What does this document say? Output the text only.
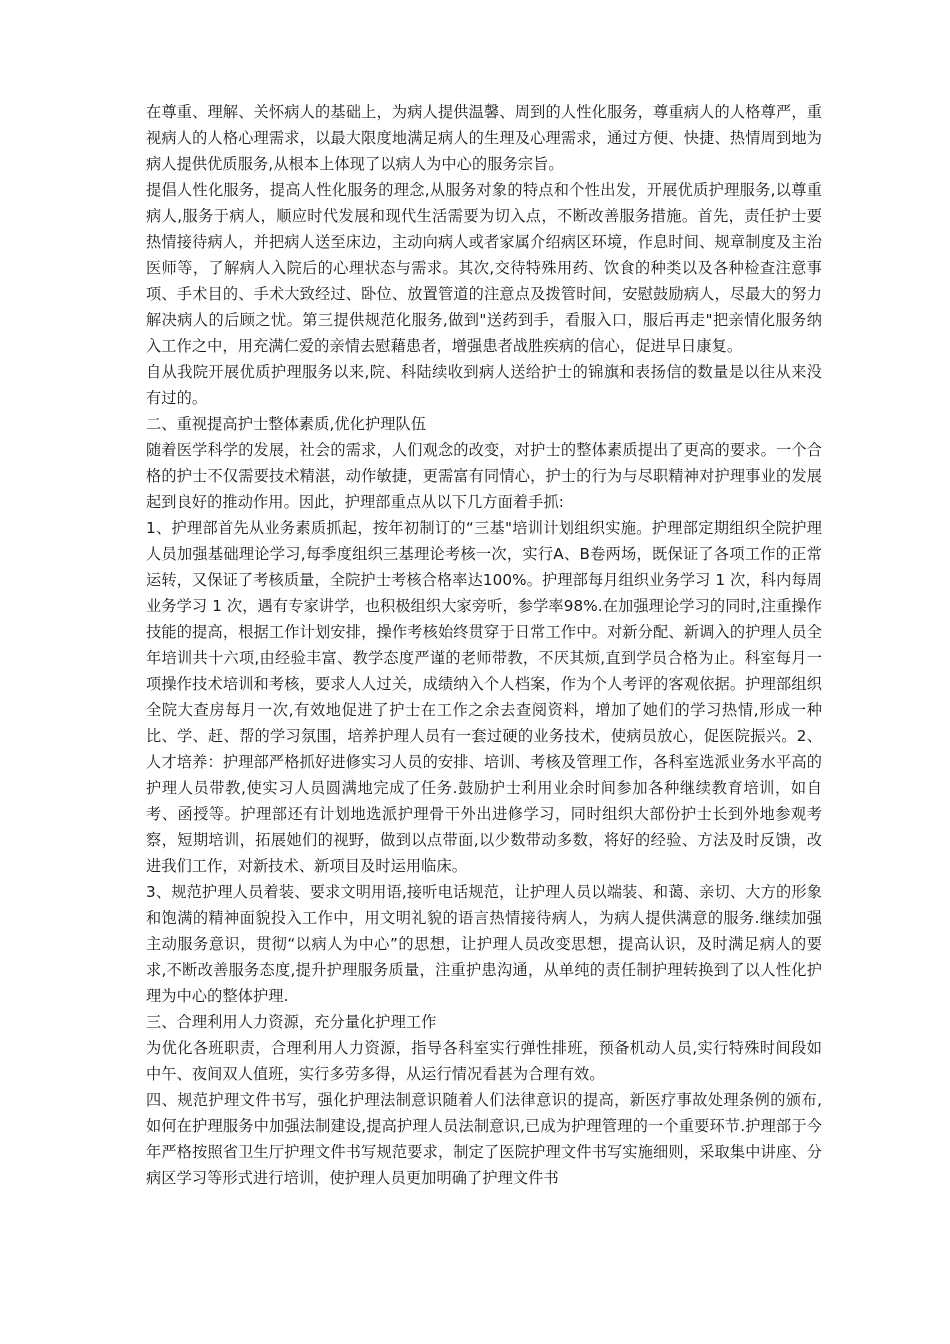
在尊重、理解、关怀病人的基础上，为病人提供温馨、周到的人性化服务，尊重病人的人格尊严，重视病人的人格心理需求，以最大限度地满足病人的生理及心理需求，通过方便、快捷、热情周到地为病人提供优质服务,从根本上体现了以病人为中心的服务宗旨。

提倡人性化服务，提高人性化服务的理念,从服务对象的特点和个性出发，开展优质护理服务,以尊重病人,服务于病人，顺应时代发展和现代生活需要为切入点，不断改善服务措施。首先，责任护士要热情接待病人，并把病人送至床边，主动向病人或者家属介绍病区环境，作息时间、规章制度及主治医师等，了解病人入院后的心理状态与需求。其次,交待特殊用药、饮食的种类以及各种检查注意事项、手术目的、手术大致经过、卧位、放置管道的注意点及拨管时间，安慰鼓励病人，尽最大的努力解决病人的后顾之忧。第三提供规范化服务,做到"送药到手，看服入口，服后再走"把亲情化服务纳入工作之中，用充满仁爱的亲情去慰藉患者，增强患者战胜疾病的信心，促进早日康复。

自从我院开展优质护理服务以来,院、科陆续收到病人送给护士的锦旗和表扬信的数量是以往从来没有过的。

二、重视提高护士整体素质,优化护理队伍

随着医学科学的发展，社会的需求，人们观念的改变，对护士的整体素质提出了更高的要求。一个合格的护士不仅需要技术精湛，动作敏捷，更需富有同情心，护士的行为与尽职精神对护理事业的发展起到良好的推动作用。因此，护理部重点从以下几方面着手抓:

1、护理部首先从业务素质抓起，按年初制订的“三基"培训计划组织实施。护理部定期组织全院护理人员加强基础理论学习,每季度组织三基理论考核一次，实行A、B卷两场，既保证了各项工作的正常运转，又保证了考核质量，全院护士考核合格率达100%。护理部每月组织业务学习 1 次，科内每周业务学习 1 次，遇有专家讲学，也积极组织大家旁听，参学率98%.在加强理论学习的同时,注重操作技能的提高，根据工作计划安排，操作考核始终贯穿于日常工作中。对新分配、新调入的护理人员全年培训共十六项,由经验丰富、教学态度严谨的老师带教，不厌其烦,直到学员合格为止。科室每月一项操作技术培训和考核，要求人人过关，成绩纳入个人档案，作为个人考评的客观依据。护理部组织全院大查房每月一次,有效地促进了护士在工作之余去查阅资料，增加了她们的学习热情,形成一种比、学、赶、帮的学习氛围，培养护理人员有一套过硬的业务技术，使病员放心，促医院振兴。2、人才培养：护理部严格抓好进修实习人员的安排、培训、考核及管理工作，各科室选派业务水平高的护理人员带教,使实习人员圆满地完成了任务.鼓励护士利用业余时间参加各种继续教育培训，如自考、函授等。护理部还有计划地选派护理骨干外出进修学习，同时组织大部份护士长到外地参观考察，短期培训，拓展她们的视野，做到以点带面,以少数带动多数，将好的经验、方法及时反馈，改进我们工作，对新技术、新项目及时运用临床。

3、规范护理人员着装、要求文明用语,接听电话规范，让护理人员以端装、和蔼、亲切、大方的形象和饱满的精神面貌投入工作中，用文明礼貌的语言热情接待病人，为病人提供满意的服务.继续加强主动服务意识，贯彻“以病人为中心”的思想，让护理人员改变思想，提高认识，及时满足病人的要求,不断改善服务态度,提升护理服务质量，注重护患沟通，从单纯的责任制护理转换到了以人性化护理为中心的整体护理.

三、合理利用人力资源，充分量化护理工作

为优化各班职责，合理利用人力资源，指导各科室实行弹性排班，预备机动人员,实行特殊时间段如中午、夜间双人值班，实行多劳多得，从运行情况看甚为合理有效。

四、规范护理文件书写，强化护理法制意识随着人们法律意识的提高，新医疗事故处理条例的颁布,如何在护理服务中加强法制建设,提高护理人员法制意识,已成为护理管理的一个重要环节.护理部于今年严格按照省卫生厅护理文件书写规范要求，制定了医院护理文件书写实施细则，采取集中讲座、分病区学习等形式进行培训，使护理人员更加明确了护理文件书
